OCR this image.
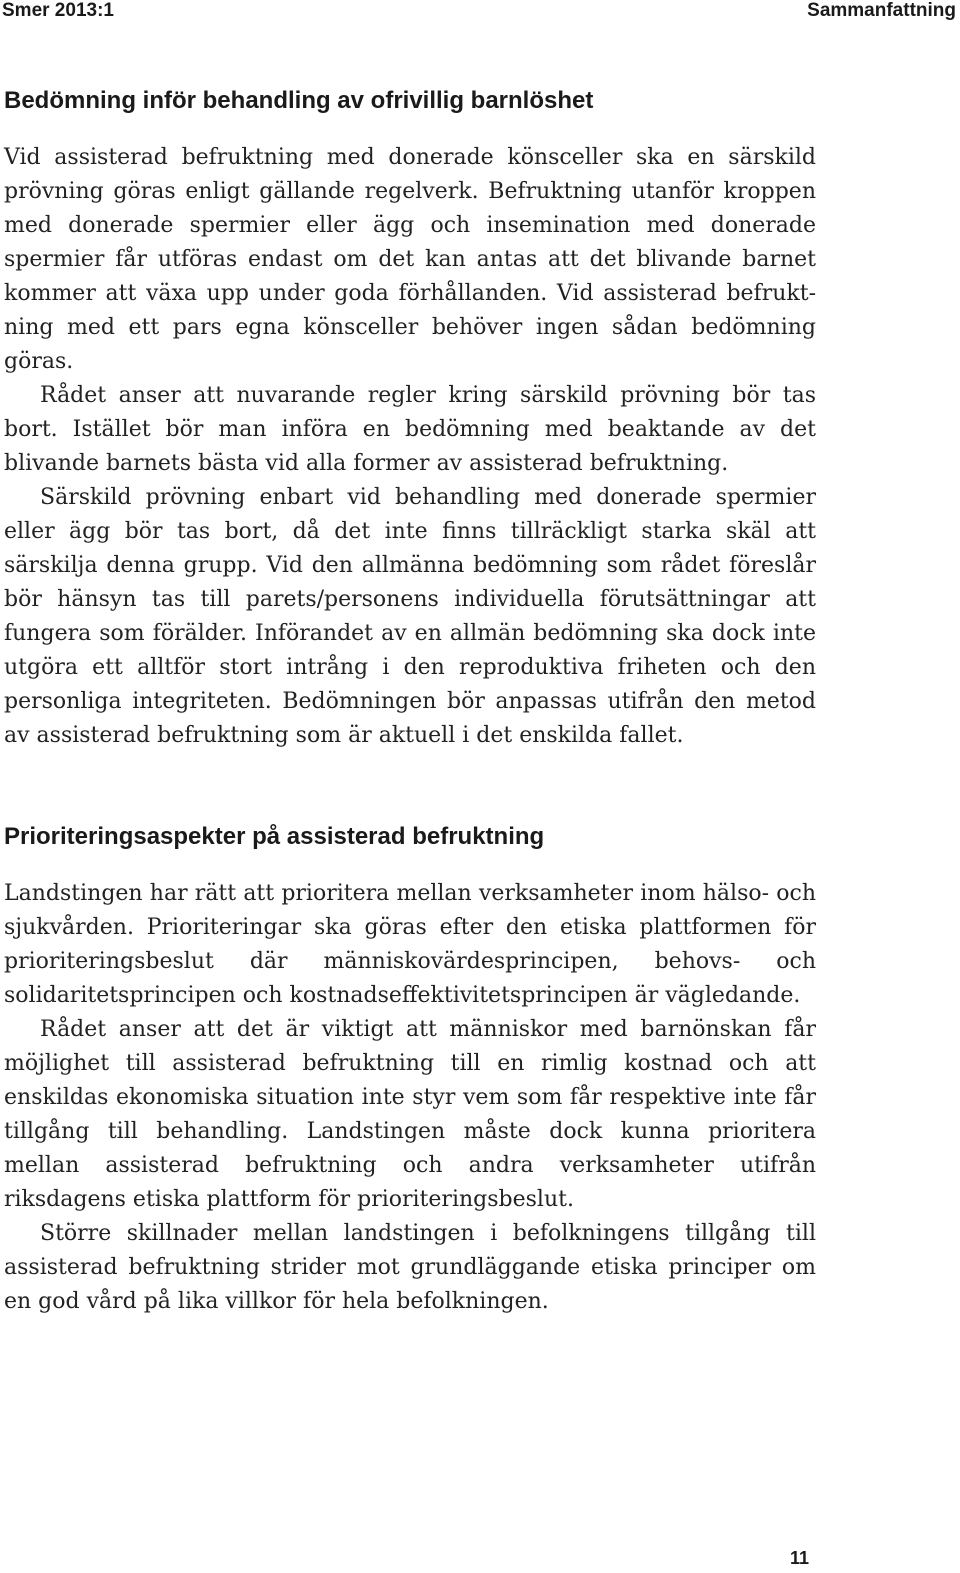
Smer 2013:1	Sammanfattning
Bedömning inför behandling av ofrivillig barnlöshet

Vid assisterad befruktning med donerade könsceller ska en särskild prövning göras enligt gällande regelverk. Befruktning utanför kroppen med donerade spermier eller ägg och insemination med donerade spermier får utföras endast om det kan antas att det blivande barnet kommer att växa upp under goda förhållanden. Vid assisterad befruktning med ett pars egna könsceller behöver ingen sådan bedömning göras.

Rådet anser att nuvarande regler kring särskild prövning bör tas bort. Istället bör man införa en bedömning med beaktande av det blivande barnets bästa vid alla former av assisterad befruktning.

Särskild prövning enbart vid behandling med donerade spermier eller ägg bör tas bort, då det inte finns tillräckligt starka skäl att särskilja denna grupp. Vid den allmänna bedömning som rådet föreslår bör hänsyn tas till parets/personens individuella förutsättningar att fungera som förälder. Införandet av en allmän bedömning ska dock inte utgöra ett alltför stort intrång i den reproduktiva friheten och den personliga integriteten. Bedömningen bör anpassas utifrån den metod av assisterad befruktning som är aktuell i det enskilda fallet.

Prioriteringsaspekter på assisterad befruktning

Landstingen har rätt att prioritera mellan verksamheter inom hälso- och sjukvården. Prioriteringar ska göras efter den etiska plattformen för prioriteringsbeslut där människovärdesprincipen, behovs- och solidaritetsprincipen och kostnadseffektivitetsprincipen är vägledande.

Rådet anser att det är viktigt att människor med barnönskan får möjlighet till assisterad befruktning till en rimlig kostnad och att enskildas ekonomiska situation inte styr vem som får respektive inte får tillgång till behandling. Landstingen måste dock kunna prioritera mellan assisterad befruktning och andra verksamheter utifrån riksdagens etiska plattform för prioriteringsbeslut.

Större skillnader mellan landstingen i befolkningens tillgång till assisterad befruktning strider mot grundläggande etiska principer om en god vård på lika villkor för hela befolkningen.

11
